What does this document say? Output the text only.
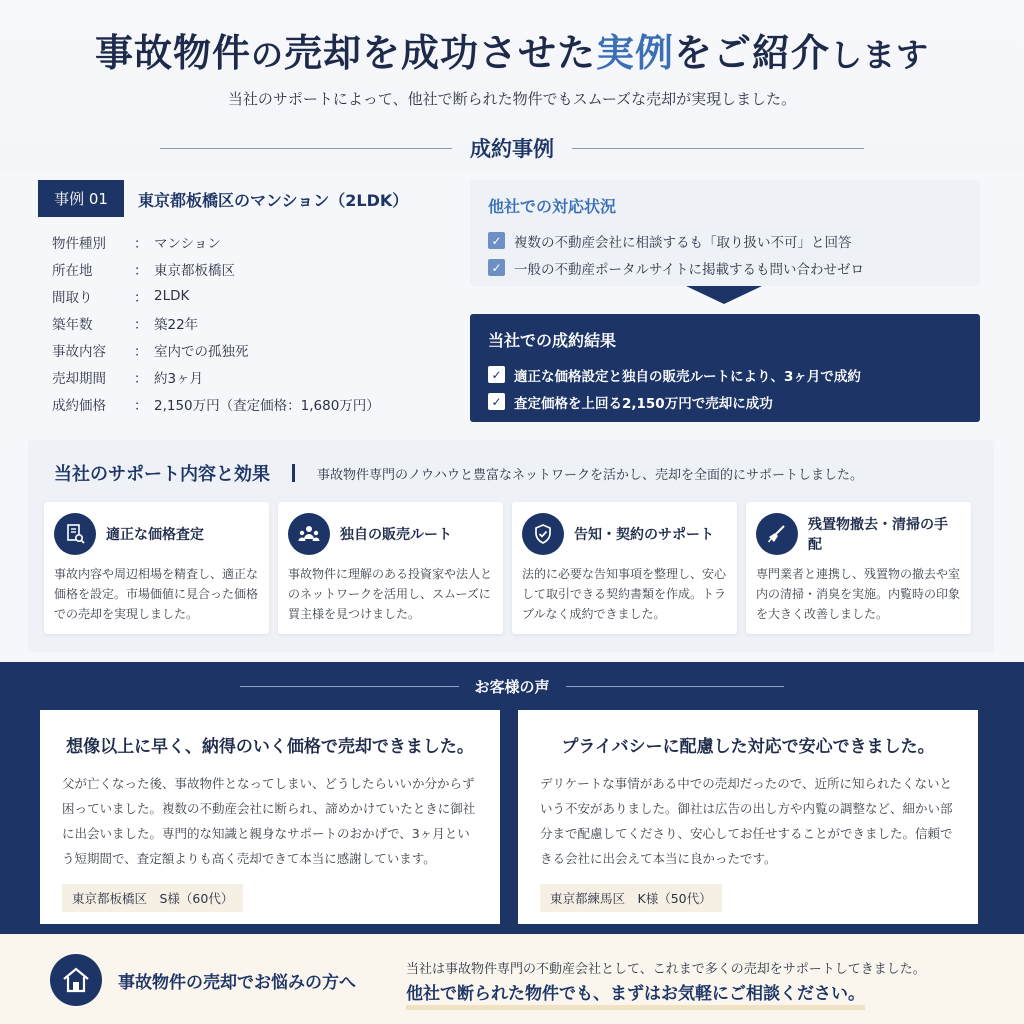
事故物件の売却を成功させた実例をご紹介します

当社のサポートによって、他社で断られた物件でもスムーズな売却が実現しました。

成約事例
事例 01	東京都板橋区のマンション（2LDK）
物件種別	： マンション
所在地	： 東京都板橋区
間取り	： 2LDK
築年数	： 築22年
事故内容	： 室内での孤独死
売却期間	： 約3ヶ月
成約価格	： 2,150万円（査定価格：1,680万円）
他社での対応状況
✓ 複数の不動産会社に相談するも「取り扱い不可」と回答
✓ 一般の不動産ポータルサイトに掲載するも問い合わせゼロ
当社での成約結果
✓ 適正な価格設定と独自の販売ルートにより、3ヶ月で成約
✓ 査定価格を上回る2,150万円で売却に成功
当社のサポート内容と効果	事故物件専門のノウハウと豊富なネットワークを活かし、売却を全面的にサポートしました。
適正な価格査定

事故内容や周辺相場を精査し、適正な価格を設定。市場価値に見合った価格での売却を実現しました。

独自の販売ルート

事故物件に理解のある投資家や法人とのネットワークを活用し、スムーズに買主様を見つけました。

告知・契約のサポート

法的に必要な告知事項を整理し、安心して取引できる契約書類を作成。トラブルなく成約できました。

残置物撤去・清掃の手配

専門業者と連携し、残置物の撤去や室内の清掃・消臭を実施。内覧時の印象を大きく改善しました。

お客様の声
想像以上に早く、納得のいく価格で売却できました。

父が亡くなった後、事故物件となってしまい、どうしたらいいか分からず困っていました。複数の不動産会社に断られ、諦めかけていたときに御社に出会いました。専門的な知識と親身なサポートのおかげで、3ヶ月という短期間で、査定額よりも高く売却できて本当に感謝しています。

東京都板橋区　S様（60代）
プライバシーに配慮した対応で安心できました。

デリケートな事情がある中での売却だったので、近所に知られたくないという不安がありました。御社は広告の出し方や内覧の調整など、細かい部分まで配慮してくださり、安心してお任せすることができました。信頼できる会社に出会えて本当に良かったです。

東京都練馬区　K様（50代）
事故物件の売却でお悩みの方へ
当社は事故物件専門の不動産会社として、これまで多くの売却をサポートしてきました。
他社で断られた物件でも、まずはお気軽にご相談ください。
